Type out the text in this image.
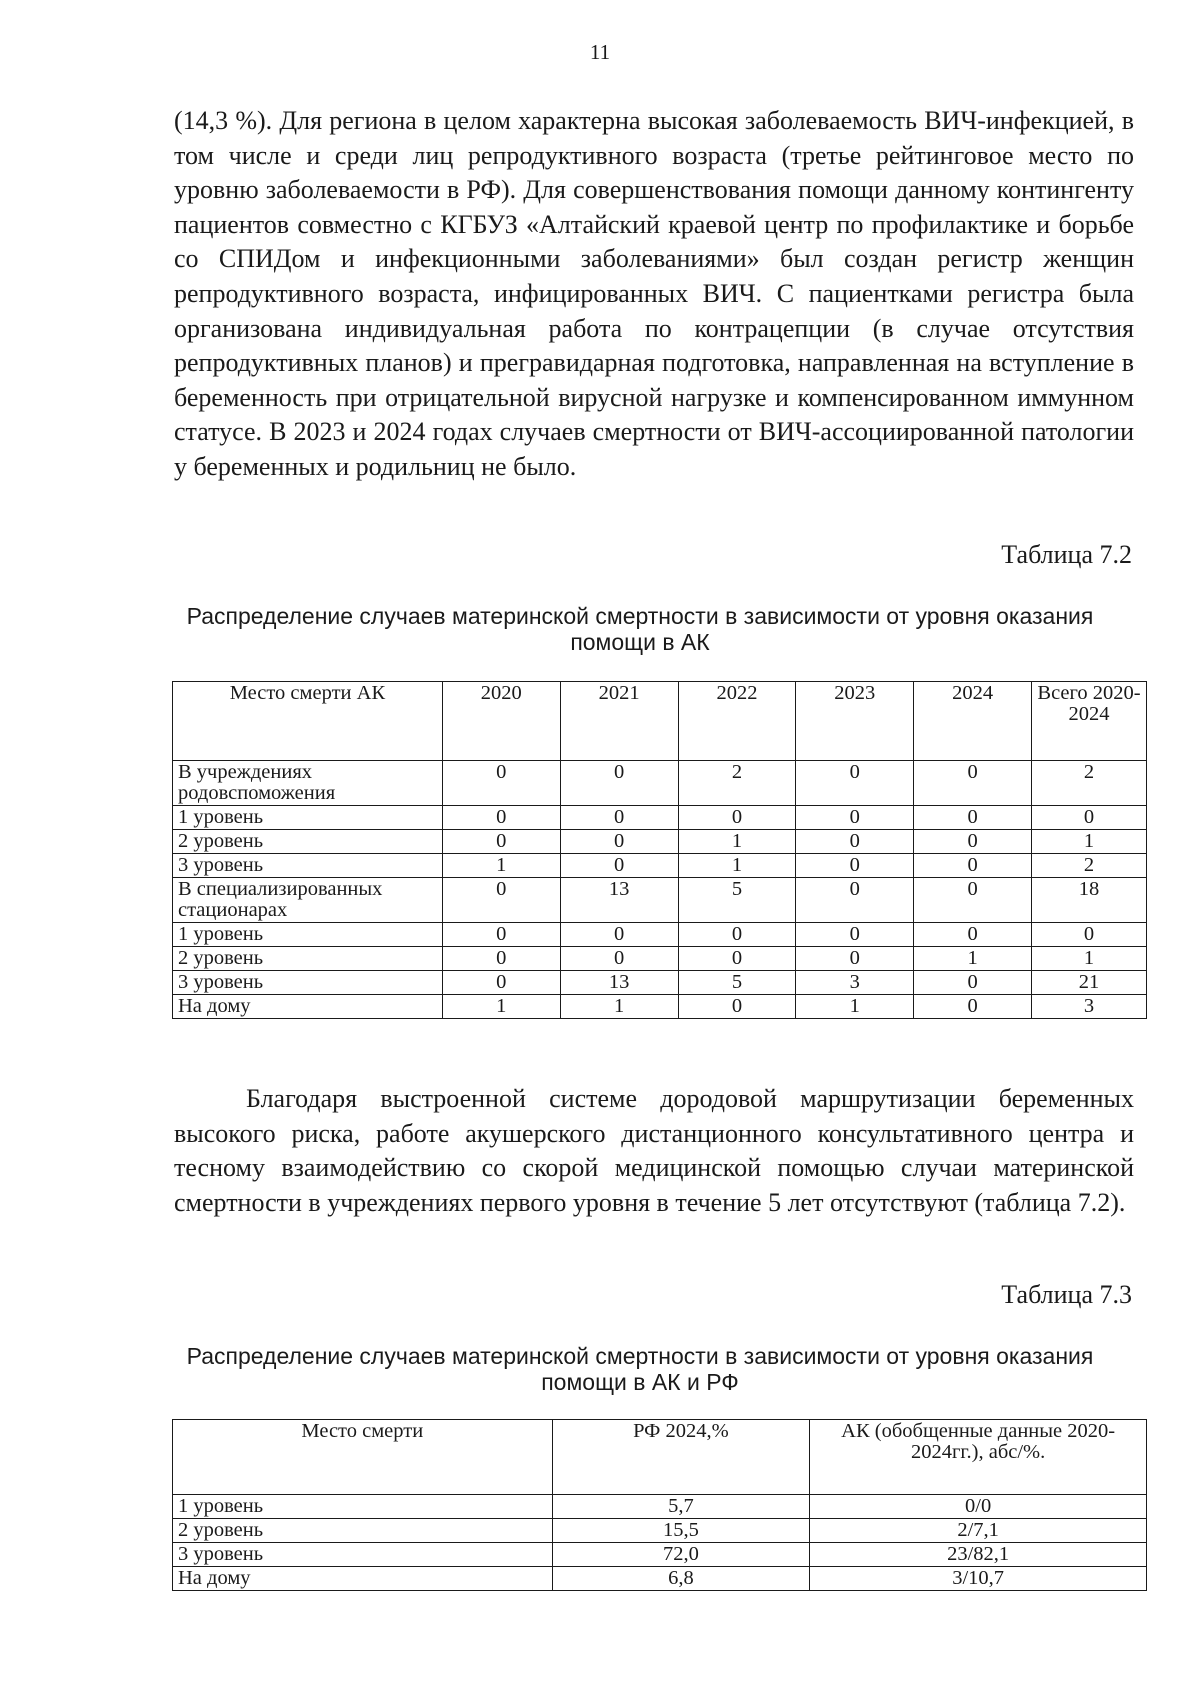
11

(14,3 %). Для региона в целом характерна высокая заболеваемость ВИЧ-инфекцией, в том числе и среди лиц репродуктивного возраста (третье рейтинговое место по уровню заболеваемости в РФ). Для совершенствования помощи данному контингенту пациентов совместно с КГБУЗ «Алтайский краевой центр по профилактике и борьбе со СПИДом и инфекционными заболеваниями» был создан регистр женщин репродуктивного возраста, инфицированных ВИЧ. С пациентками регистра была организована индивидуальная работа по контрацепции (в случае отсутствия репродуктивных планов) и прегравидарная подготовка, направленная на вступление в беременность при отрицательной вирусной нагрузке и компенсированном иммунном статусе. В 2023 и 2024 годах случаев смертности от ВИЧ-ассоциированной патологии у беременных и родильниц не было.

Таблица 7.2
Распределение случаев материнской смертности в зависимости от уровня оказания помощи в АК
Место смерти АК	2020	2021	2022	2023	2024	Всего 2020-2024
В учреждениях родовспоможения	0	0	2	0	0	2
1 уровень	0	0	0	0	0	0
2 уровень	0	0	1	0	0	1
3 уровень	1	0	1	0	0	2
В специализированных стационарах	0	13	5	0	0	18
1 уровень	0	0	0	0	0	0
2 уровень	0	0	0	0	1	1
3 уровень	0	13	5	3	0	21
На дому	1	1	0	1	0	3

Благодаря выстроенной системе дородовой маршрутизации беременных высокого риска, работе акушерского дистанционного консультативного центра и тесному взаимодействию со скорой медицинской помощью случаи материнской смертности в учреждениях первого уровня в течение 5 лет отсутствуют (таблица 7.2).

Таблица 7.3
Распределение случаев материнской смертности в зависимости от уровня оказания помощи в АК и РФ
Место смерти	РФ 2024,%	АК (обобщенные данные 2020-2024гг.), абс/%.
1 уровень	5,7	0/0
2 уровень	15,5	2/7,1
3 уровень	72,0	23/82,1
На дому	6,8	3/10,7
